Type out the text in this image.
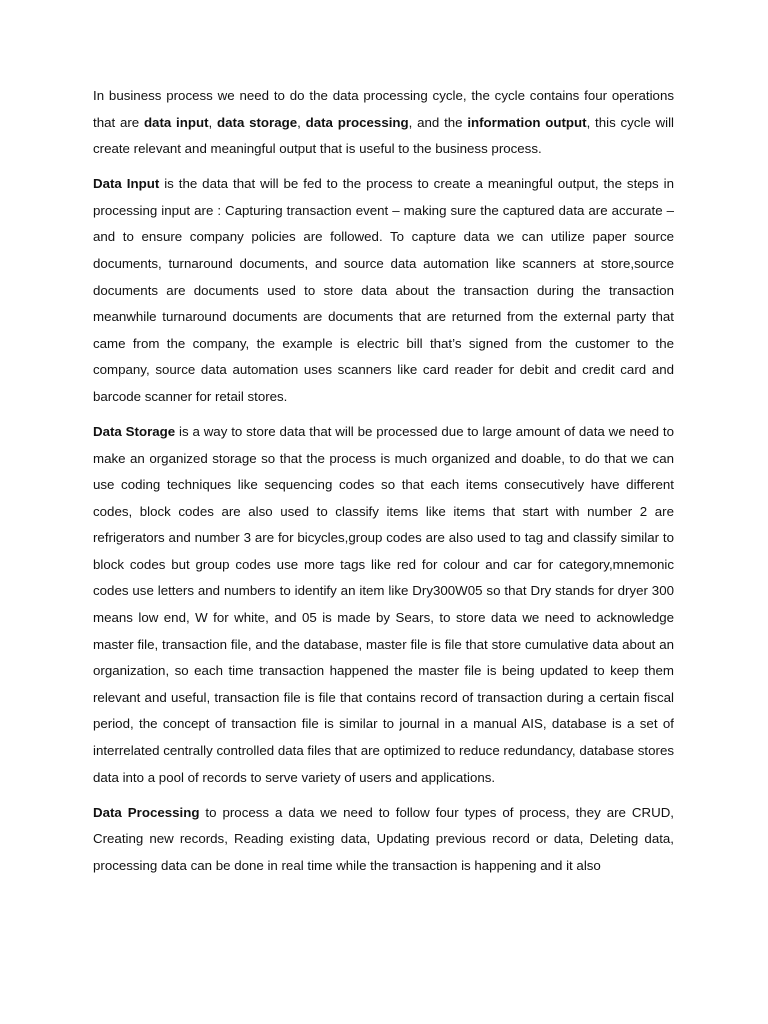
In business process we need to do the data processing cycle, the cycle contains four operations that are data input, data storage, data processing, and the information output, this cycle will create relevant and meaningful output that is useful to the business process.

Data Input is the data that will be fed to the process to create a meaningful output, the steps in processing input are : Capturing transaction event – making sure the captured data are accurate – and to ensure company policies are followed. To capture data we can utilize paper source documents, turnaround documents, and source data automation like scanners at store,source documents are documents used to store data about the transaction during the transaction meanwhile turnaround documents are documents that are returned from the external party that came from the company, the example is electric bill that’s signed from the customer to the company, source data automation uses scanners like card reader for debit and credit card and barcode scanner for retail stores.

Data Storage is a way to store data that will be processed due to large amount of data we need to make an organized storage so that the process is much organized and doable, to do that we can use coding techniques like sequencing codes so that each items consecutively have different codes, block codes are also used to classify items like items that start with number 2 are refrigerators and number 3 are for bicycles,group codes are also used to tag and classify similar to block codes but group codes use more tags like red for colour and car for category,mnemonic codes use letters and numbers to identify an item like Dry300W05 so that Dry stands for dryer 300 means low end, W for white, and 05 is made by Sears, to store data we need to acknowledge master file, transaction file, and the database, master file is file that store cumulative data about an organization, so each time transaction happened the master file is being updated to keep them relevant and useful, transaction file is file that contains record of transaction during a certain fiscal period, the concept of transaction file is similar to journal in a manual AIS, database is a set of interrelated centrally controlled data files that are optimized to reduce redundancy, database stores data into a pool of records to serve variety of users and applications.

Data Processing to process a data we need to follow four types of process, they are CRUD, Creating new records, Reading existing data, Updating previous record or data, Deleting data, processing data can be done in real time while the transaction is happening and it also
